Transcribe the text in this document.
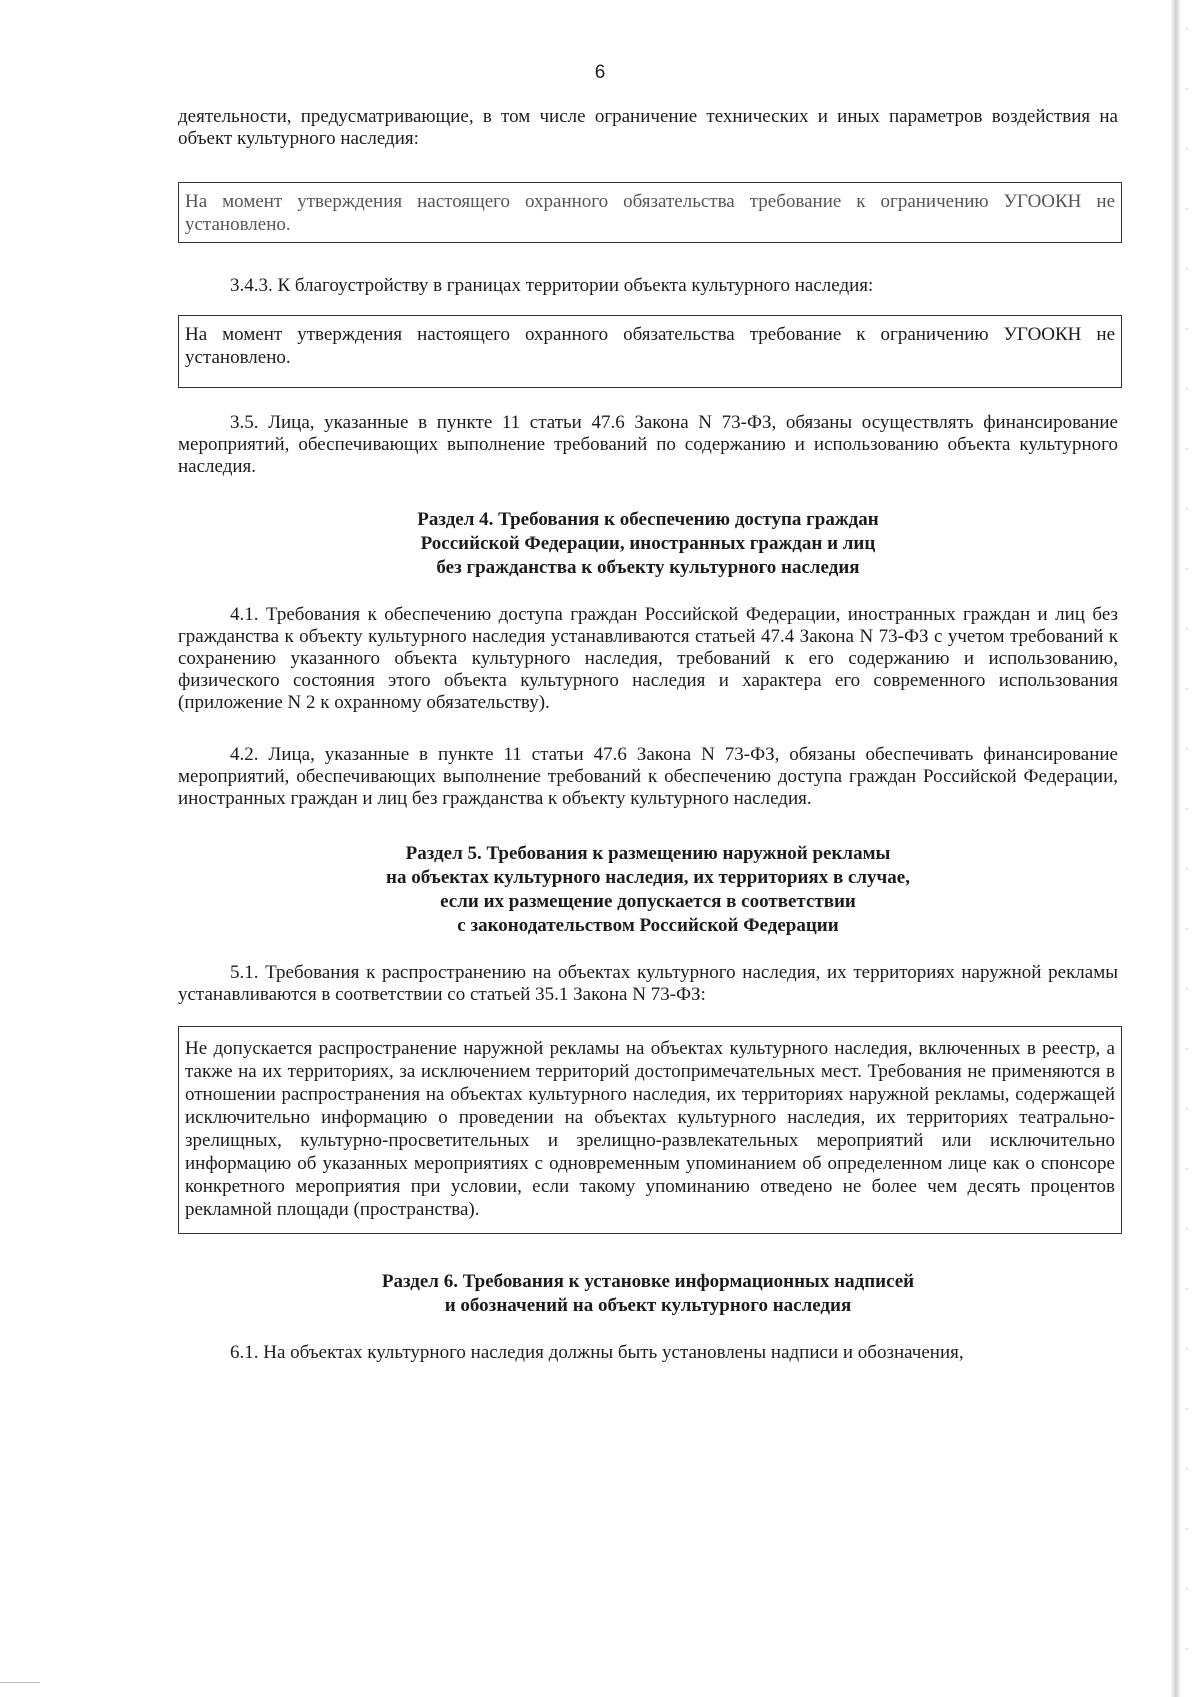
6

деятельности, предусматривающие, в том числе ограничение технических и иных параметров воздействия на объект культурного наследия:

На момент утверждения настоящего охранного обязательства требование к ограничению УГООКН не установлено.

3.4.3. К благоустройству в границах территории объекта культурного наследия:

На момент утверждения настоящего охранного обязательства требование к ограничению УГООКН не установлено.

3.5. Лица, указанные в пункте 11 статьи 47.6 Закона N 73-ФЗ, обязаны осуществлять финансирование мероприятий, обеспечивающих выполнение требований по содержанию и использованию объекта культурного наследия.

Раздел 4. Требования к обеспечению доступа граждан
Российской Федерации, иностранных граждан и лиц
без гражданства к объекту культурного наследия

4.1. Требования к обеспечению доступа граждан Российской Федерации, иностранных граждан и лиц без гражданства к объекту культурного наследия устанавливаются статьей 47.4 Закона N 73-ФЗ с учетом требований к сохранению указанного объекта культурного наследия, требований к его содержанию и использованию, физического состояния этого объекта культурного наследия и характера его современного использования (приложение N 2 к охранному обязательству).

4.2. Лица, указанные в пункте 11 статьи 47.6 Закона N 73-ФЗ, обязаны обеспечивать финансирование мероприятий, обеспечивающих выполнение требований к обеспечению доступа граждан Российской Федерации, иностранных граждан и лиц без гражданства к объекту культурного наследия.

Раздел 5. Требования к размещению наружной рекламы
на объектах культурного наследия, их территориях в случае,
если их размещение допускается в соответствии
с законодательством Российской Федерации

5.1. Требования к распространению на объектах культурного наследия, их территориях наружной рекламы устанавливаются в соответствии со статьей 35.1 Закона N 73-ФЗ:

Не допускается распространение наружной рекламы на объектах культурного наследия, включенных в реестр, а также на их территориях, за исключением территорий достопримечательных мест. Требования не применяются в отношении распространения на объектах культурного наследия, их территориях наружной рекламы, содержащей исключительно информацию о проведении на объектах культурного наследия, их территориях театрально-зрелищных, культурно-просветительных и зрелищно-развлекательных мероприятий или исключительно информацию об указанных мероприятиях с одновременным упоминанием об определенном лице как о спонсоре конкретного мероприятия при условии, если такому упоминанию отведено не более чем десять процентов рекламной площади (пространства).
Раздел 6. Требования к установке информационных надписей
и обозначений на объект культурного наследия

6.1. На объектах культурного наследия должны быть установлены надписи и обозначения,
